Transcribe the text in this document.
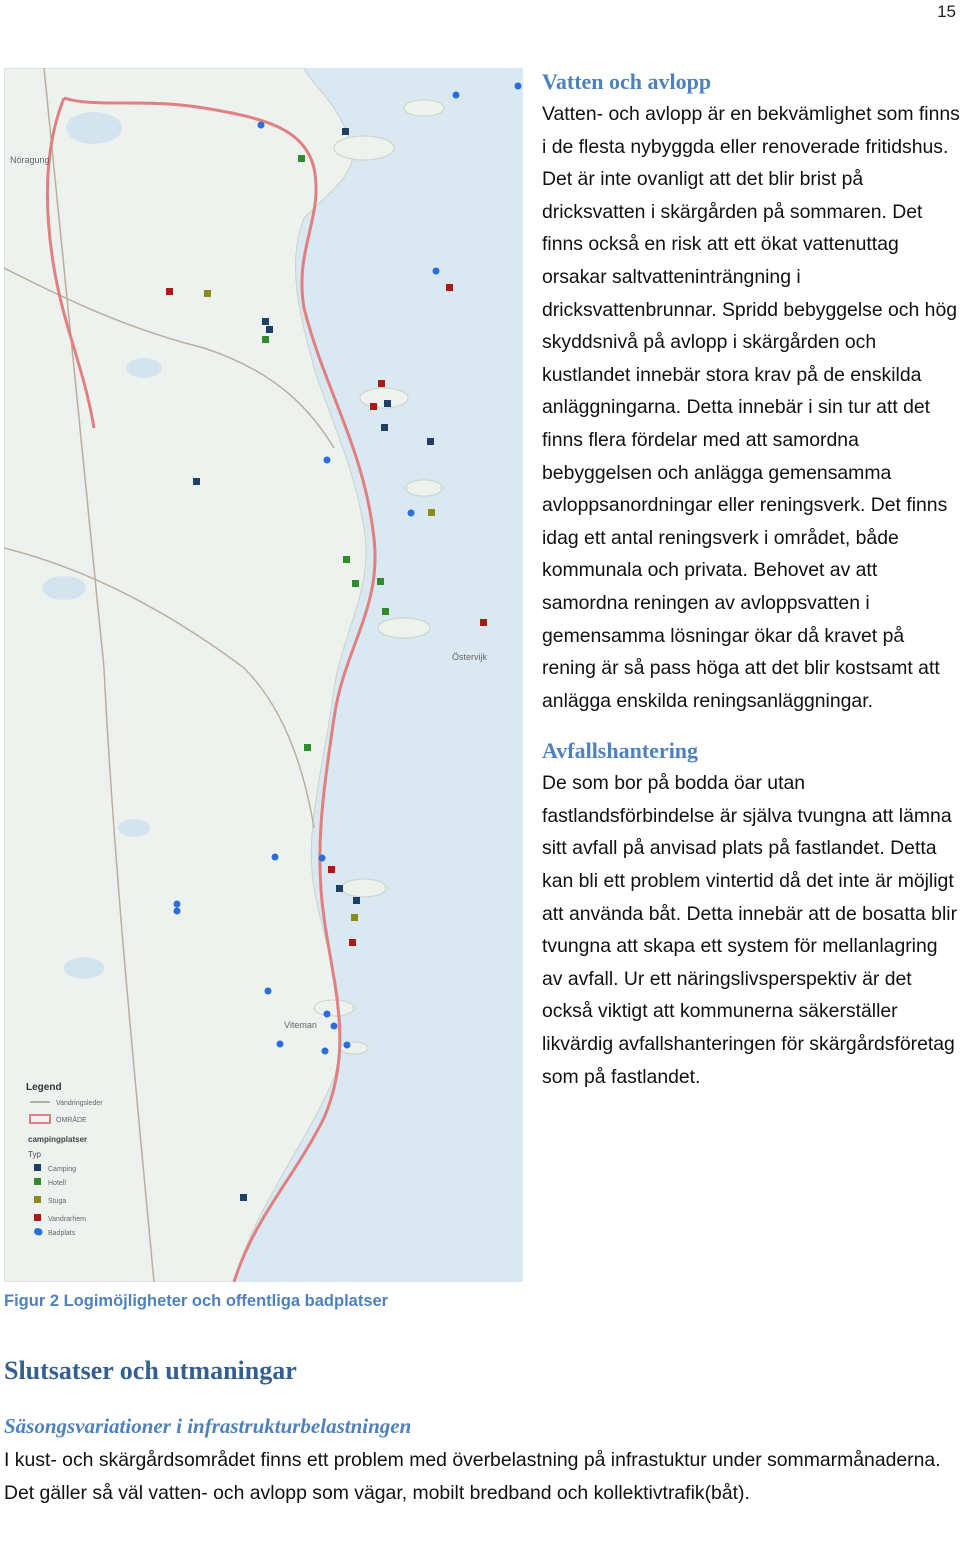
15
Nöragung
Östervijk
Viteman
Legend
Vandringsleder
OMRÅDE
campingplatser
Typ
Camping
Hotell
Stuga
Vandrarhem
Badplats
Vatten och avlopp

Vatten- och avlopp är en bekvämlighet som finns i de flesta nybyggda eller renoverade fritidshus. Det är inte ovanligt att det blir brist på dricksvatten i skärgården på sommaren. Det finns också en risk att ett ökat vattenuttag orsakar saltvatteninträngning i dricksvattenbrunnar. Spridd bebyggelse och hög skyddsnivå på avlopp i skärgården och kustlandet innebär stora krav på de enskilda anläggningarna. Detta innebär i sin tur att det finns flera fördelar med att samordna bebyggelsen och anlägga gemensamma avloppsanordningar eller reningsverk. Det finns idag ett antal reningsverk i området, både kommunala och privata. Behovet av att samordna reningen av avloppsvatten i gemensamma lösningar ökar då kravet på rening är så pass höga att det blir kostsamt att anlägga enskilda reningsanläggningar.

Avfallshantering

De som bor på bodda öar utan fastlandsförbindelse är själva tvungna att lämna sitt avfall på anvisad plats på fastlandet. Detta kan bli ett problem vintertid då det inte är möjligt att använda båt. Detta innebär att de bosatta blir tvungna att skapa ett system för mellanlagring av avfall. Ur ett näringslivsperspektiv är det också viktigt att kommunerna säkerställer likvärdig avfallshanteringen för skärgårdsföretag som på fastlandet.

Figur 2 Logimöjligheter och offentliga badplatser
Slutsatser och utmaningar
Säsongsvariationer i infrastrukturbelastningen

I kust- och skärgårdsområdet finns ett problem med överbelastning på infrastuktur under sommarmånaderna. Det gäller så väl vatten- och avlopp som vägar, mobilt bredband och kollektivtrafik(båt).
